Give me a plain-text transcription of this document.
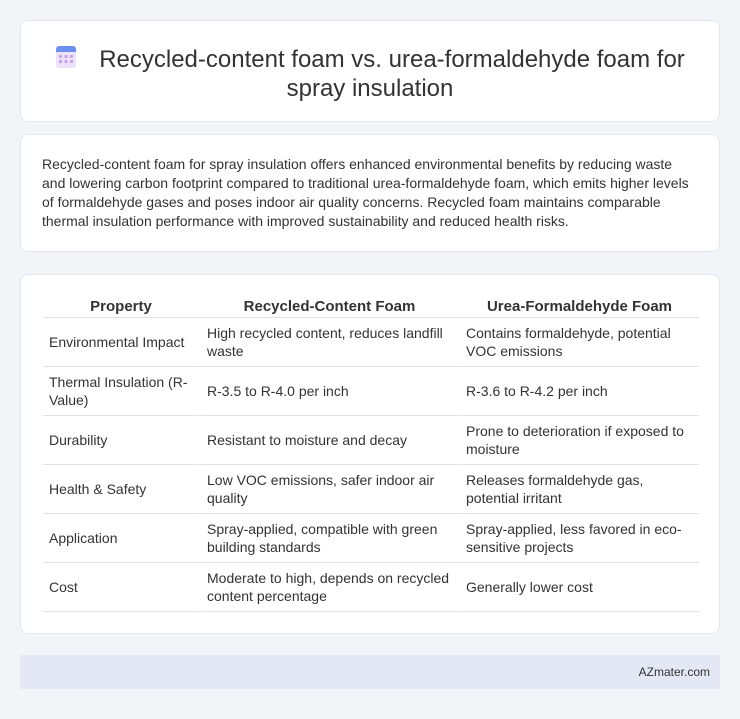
Recycled-content foam vs. urea-formaldehyde foam for
spray insulation

Recycled-content foam for spray insulation offers enhanced environmental benefits by reducing waste and lowering carbon footprint compared to traditional urea-formaldehyde foam, which emits higher levels of formaldehyde gases and poses indoor air quality concerns. Recycled foam maintains comparable thermal insulation performance with improved sustainability and reduced health risks.

Property	Recycled-Content Foam	Urea-Formaldehyde Foam
Environmental Impact	High recycled content, reduces landfill waste	Contains formaldehyde, potential VOC emissions
Thermal Insulation (R-Value)	R-3.5 to R-4.0 per inch	R-3.6 to R-4.2 per inch
Durability	Resistant to moisture and decay	Prone to deterioration if exposed to moisture
Health & Safety	Low VOC emissions, safer indoor air quality	Releases formaldehyde gas, potential irritant
Application	Spray-applied, compatible with green building standards	Spray-applied, less favored in eco-sensitive projects
Cost	Moderate to high, depends on recycled content percentage	Generally lower cost
AZmater.com
